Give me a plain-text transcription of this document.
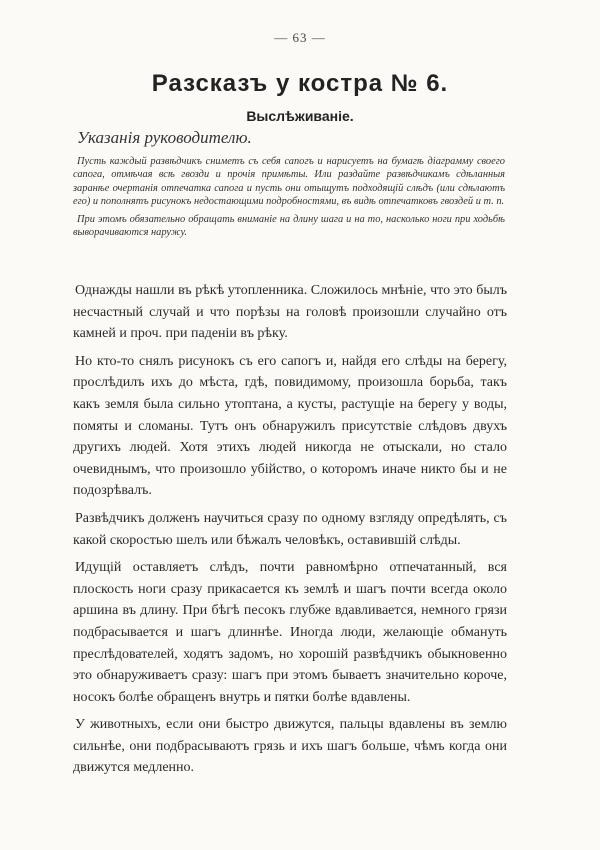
— 63 —
Разсказъ у костра № 6.
Выслѣживаніе.
Указанія руководителю.

Пусть каждый развѣдчикъ сниметъ съ себя сапогъ и нарисуетъ на бумагѣ діаграмму своего сапога, отмѣчая всѣ гвозди и прочія примѣты. Или раздайте развѣдчикамъ сдѣланныя заранѣе очертанія отпечатка сапога и пусть они отыщутъ подходящій слѣдъ (или сдѣлаютъ его) и пополнятъ рисунокъ недостающими подробностями, въ видѣ отпечатковъ гвоздей и т. п.

При этомъ обязательно обращать вниманіе на длину шага и на то, насколько ноги при ходьбѣ выворачиваются наружу.

Однажды нашли въ рѣкѣ утопленника. Сложилось мнѣніе, что это былъ несчастный случай и что порѣзы на головѣ произошли случайно отъ камней и проч. при паденіи въ рѣку.

Но кто-то снялъ рисунокъ съ его сапогъ и, найдя его слѣды на берегу, прослѣдилъ ихъ до мѣста, гдѣ, повидимому, произошла борьба, такъ какъ земля была сильно утоптана, а кусты, растущіе на берегу у воды, помяты и сломаны. Тутъ онъ обнаружилъ присутствіе слѣдовъ двухъ другихъ людей. Хотя этихъ людей никогда не отыскали, но стало очевиднымъ, что произошло убійство, о которомъ иначе никто бы и не подозрѣвалъ.

Развѣдчикъ долженъ научиться сразу по одному взгляду опредѣлять, съ какой скоростью шелъ или бѣжалъ человѣкъ, оставившій слѣды.

Идущій оставляетъ слѣдъ, почти равномѣрно отпечатанный, вся плоскость ноги сразу прикасается къ землѣ и шагъ почти всегда около аршина въ длину. При бѣгѣ песокъ глубже вдавливается, немного грязи подбрасывается и шагъ длиннѣе. Иногда люди, желающіе обмануть преслѣдователей, ходятъ задомъ, но хорошій развѣдчикъ обыкновенно это обнаруживаетъ сразу: шагъ при этомъ бываетъ значительно короче, носокъ болѣе обращенъ внутрь и пятки болѣе вдавлены.

У животныхъ, если они быстро движутся, пальцы вдавлены въ землю сильнѣе, они подбрасываютъ грязь и ихъ шагъ больше, чѣмъ когда они движутся медленно.
